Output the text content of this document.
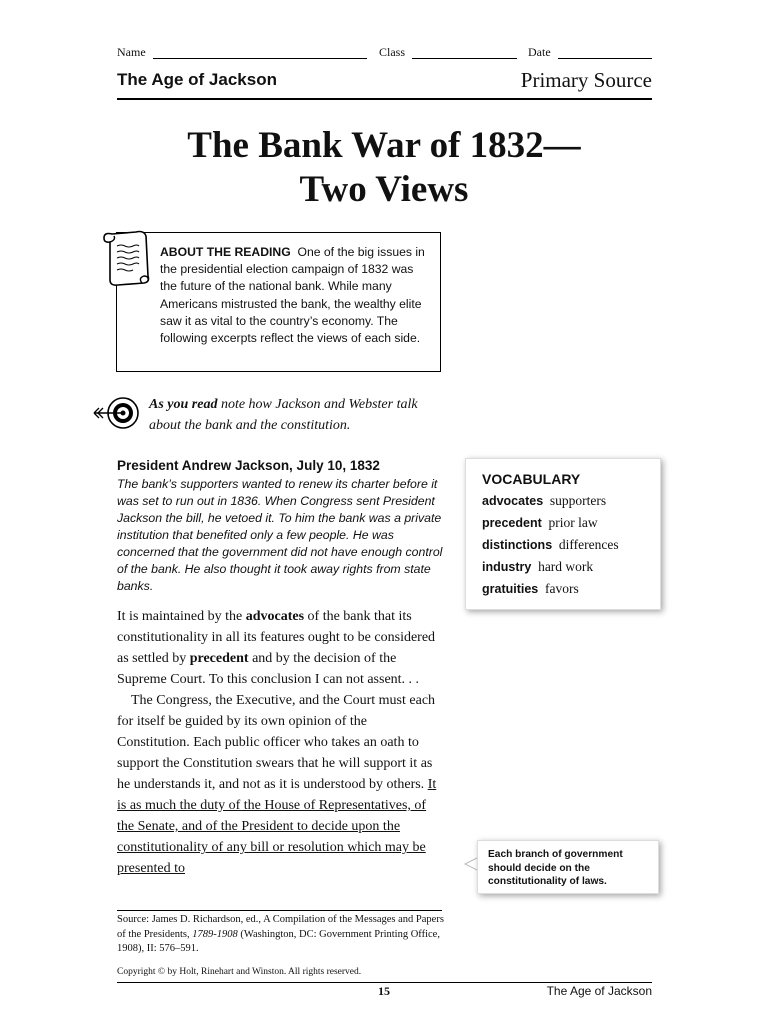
Name	Class	Date
The Age of Jackson	Primary Source
The Bank War of 1832—
Two Views
ABOUT THE READING One of the big issues in the presidential election campaign of 1832 was the future of the national bank. While many Americans mistrusted the bank, the wealthy elite saw it as vital to the country’s economy. The following excerpts reflect the views of each side.
As you read note how Jackson and Webster talk about the bank and the constitution.
President Andrew Jackson, July 10, 1832
The bank’s supporters wanted to renew its charter before it was set to run out in 1836. When Congress sent President Jackson the bill, he vetoed it. To him the bank was a private institution that benefited only a few people. He was concerned that the government did not have enough control of the bank. He also thought it took away rights from state banks.

It is maintained by the advocates of the bank that its constitutionality in all its features ought to be considered as settled by precedent and by the decision of the Supreme Court. To this conclusion I can not assent. . .

The Congress, the Executive, and the Court must each for itself be guided by its own opinion of the Constitution. Each public officer who takes an oath to support the Constitution swears that he will support it as he understands it, and not as it is understood by others. It is as much the duty of the House of Representatives, of the Senate, and of the President to decide upon the constitutionality of any bill or resolution which may be presented to

VOCABULARY
advocates supporters
precedent prior law
distinctions differences
industry hard work
gratuities favors
Each branch of government should decide on the constitutionality of laws.
Source: James D. Richardson, ed., A Compilation of the Messages and Papers of the Presidents, 1789-1908 (Washington, DC: Government Printing Office, 1908), II: 576–591.
Copyright © by Holt, Rinehart and Winston. All rights reserved.
15	The Age of Jackson
